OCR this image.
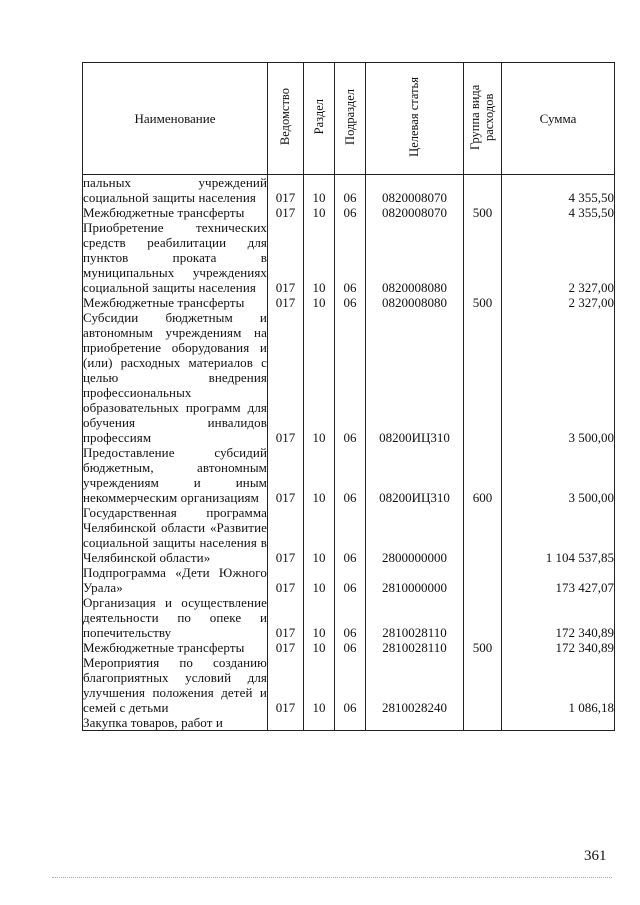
Наименование	Ведомство	Раздел	Подраздел	Целевая статья	Группа вида расходов	Сумма
пальных учреждений социальной защиты населения	017	10	06	0820008070		4 355,50
Межбюджетные трансферты	017	10	06	0820008070	500	4 355,50
Приобретение технических средств реабилитации для пунктов проката в муниципальных учреждениях социальной защиты населения	017	10	06	0820008080		2 327,00
Межбюджетные трансферты	017	10	06	0820008080	500	2 327,00
Субсидии бюджетным и автономным учреждениям на приобретение оборудования и (или) расходных материалов с целью внедрения профессиональных образовательных программ для обучения инвалидов профессиям	017	10	06	08200ИЦ310		3 500,00
Предоставление субсидий бюджетным, автономным учреждениям и иным некоммерческим организациям	017	10	06	08200ИЦ310	600	3 500,00
Государственная программа Челябинской области «Развитие социальной защиты населения в Челябинской области»	017	10	06	2800000000		1 104 537,85
Подпрограмма «Дети Южного Урала»	017	10	06	2810000000		173 427,07
Организация и осуществление деятельности по опеке и попечительству	017	10	06	2810028110		172 340,89
Межбюджетные трансферты	017	10	06	2810028110	500	172 340,89
Мероприятия по созданию благоприятных условий для улучшения положения детей и семей с детьми	017	10	06	2810028240		1 086,18
Закупка товаров, работ и						
361
